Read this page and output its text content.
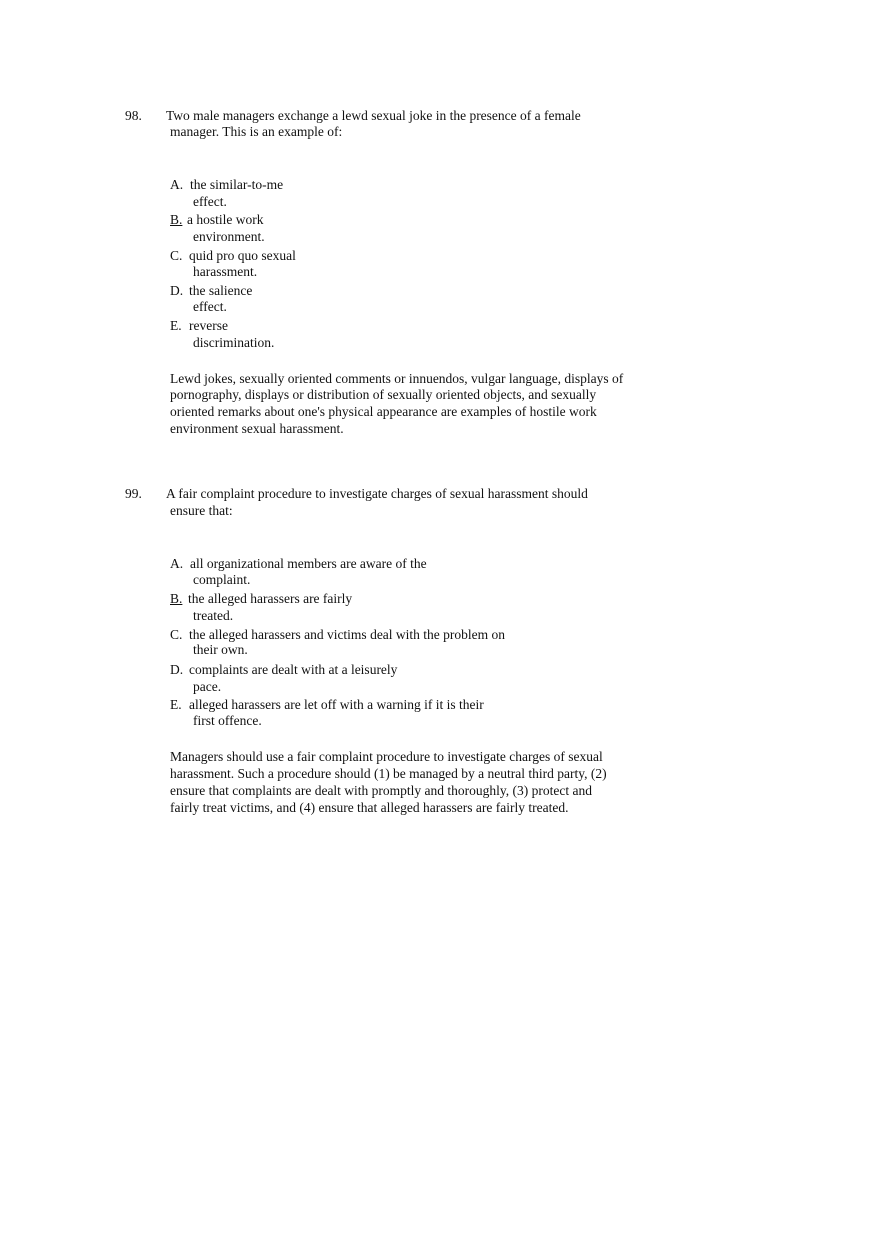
98. Two male managers exchange a lewd sexual joke in the presence of a female
manager. This is an example of:
A. the similar-to-me
effect.
B. a hostile work
environment.
C. quid pro quo sexual
harassment.
D. the salience
effect.
E. reverse
discrimination.
Lewd jokes, sexually oriented comments or innuendos, vulgar language, displays of
pornography, displays or distribution of sexually oriented objects, and sexually
oriented remarks about one's physical appearance are examples of hostile work
environment sexual harassment.
99. A fair complaint procedure to investigate charges of sexual harassment should
ensure that:
A. all organizational members are aware of the
complaint.
B. the alleged harassers are fairly
treated.
C. the alleged harassers and victims deal with the problem on
their own.
D. complaints are dealt with at a leisurely
pace.
E. alleged harassers are let off with a warning if it is their
first offence.
Managers should use a fair complaint procedure to investigate charges of sexual
harassment. Such a procedure should (1) be managed by a neutral third party, (2)
ensure that complaints are dealt with promptly and thoroughly, (3) protect and
fairly treat victims, and (4) ensure that alleged harassers are fairly treated.
